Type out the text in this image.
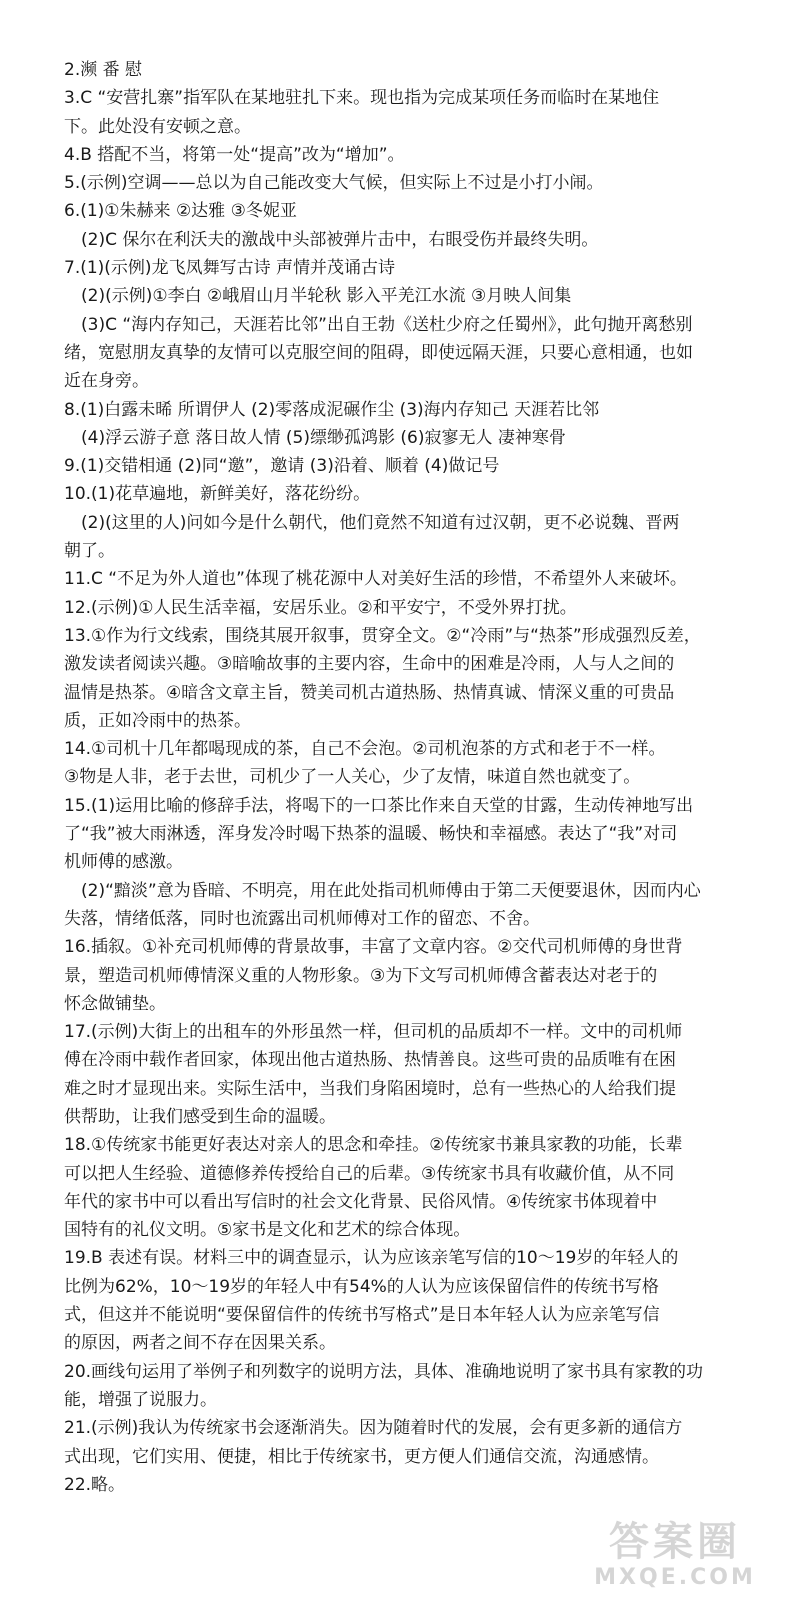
2.濒 番 慰
3.C “安营扎寨”指军队在某地驻扎下来。现也指为完成某项任务而临时在某地住
下。此处没有安顿之意。
4.B 搭配不当，将第一处“提高”改为“增加”。
5.(示例)空调——总以为自己能改变大气候，但实际上不过是小打小闹。
6.(1)①朱赫来 ②达雅 ③冬妮亚
(2)C 保尔在利沃夫的激战中头部被弹片击中，右眼受伤并最终失明。
7.(1)(示例)龙飞凤舞写古诗 声情并茂诵古诗
(2)(示例)①李白 ②峨眉山月半轮秋 影入平羌江水流 ③月映人间集
(3)C “海内存知己，天涯若比邻”出自王勃《送杜少府之任蜀州》，此句抛开离愁别
绪，宽慰朋友真挚的友情可以克服空间的阻碍，即使远隔天涯，只要心意相通，也如
近在身旁。
8.(1)白露未晞 所谓伊人 (2)零落成泥碾作尘 (3)海内存知己 天涯若比邻
(4)浮云游子意 落日故人情 (5)缥缈孤鸿影 (6)寂寥无人 凄神寒骨
9.(1)交错相通 (2)同“邀”，邀请 (3)沿着、顺着 (4)做记号
10.(1)花草遍地，新鲜美好，落花纷纷。
(2)(这里的人)问如今是什么朝代，他们竟然不知道有过汉朝，更不必说魏、晋两
朝了。
11.C “不足为外人道也”体现了桃花源中人对美好生活的珍惜，不希望外人来破坏。
12.(示例)①人民生活幸福，安居乐业。②和平安宁，不受外界打扰。
13.①作为行文线索，围绕其展开叙事，贯穿全文。②“冷雨”与“热茶”形成强烈反差，
激发读者阅读兴趣。③暗喻故事的主要内容，生命中的困难是冷雨，人与人之间的
温情是热茶。④暗含文章主旨，赞美司机古道热肠、热情真诚、情深义重的可贵品
质，正如冷雨中的热茶。
14.①司机十几年都喝现成的茶，自己不会泡。②司机泡茶的方式和老于不一样。
③物是人非，老于去世，司机少了一人关心，少了友情，味道自然也就变了。
15.(1)运用比喻的修辞手法，将喝下的一口茶比作来自天堂的甘露，生动传神地写出
了“我”被大雨淋透，浑身发冷时喝下热茶的温暖、畅快和幸福感。表达了“我”对司
机师傅的感激。
(2)“黯淡”意为昏暗、不明亮，用在此处指司机师傅由于第二天便要退休，因而内心
失落，情绪低落，同时也流露出司机师傅对工作的留恋、不舍。
16.插叙。①补充司机师傅的背景故事，丰富了文章内容。②交代司机师傅的身世背
景，塑造司机师傅情深义重的人物形象。③为下文写司机师傅含蓄表达对老于的
怀念做铺垫。
17.(示例)大街上的出租车的外形虽然一样，但司机的品质却不一样。文中的司机师
傅在冷雨中载作者回家，体现出他古道热肠、热情善良。这些可贵的品质唯有在困
难之时才显现出来。实际生活中，当我们身陷困境时，总有一些热心的人给我们提
供帮助，让我们感受到生命的温暖。
18.①传统家书能更好表达对亲人的思念和牵挂。②传统家书兼具家教的功能，长辈
可以把人生经验、道德修养传授给自己的后辈。③传统家书具有收藏价值，从不同
年代的家书中可以看出写信时的社会文化背景、民俗风情。④传统家书体现着中
国特有的礼仪文明。⑤家书是文化和艺术的综合体现。
19.B 表述有误。材料三中的调查显示，认为应该亲笔写信的10～19岁的年轻人的
比例为62%，10～19岁的年轻人中有54%的人认为应该保留信件的传统书写格
式，但这并不能说明“要保留信件的传统书写格式”是日本年轻人认为应亲笔写信
的原因，两者之间不存在因果关系。
20.画线句运用了举例子和列数字的说明方法，具体、准确地说明了家书具有家教的功
能，增强了说服力。
21.(示例)我认为传统家书会逐渐消失。因为随着时代的发展，会有更多新的通信方
式出现，它们实用、便捷，相比于传统家书，更方便人们通信交流，沟通感情。
22.略。
答案圈
MXQE.COM
